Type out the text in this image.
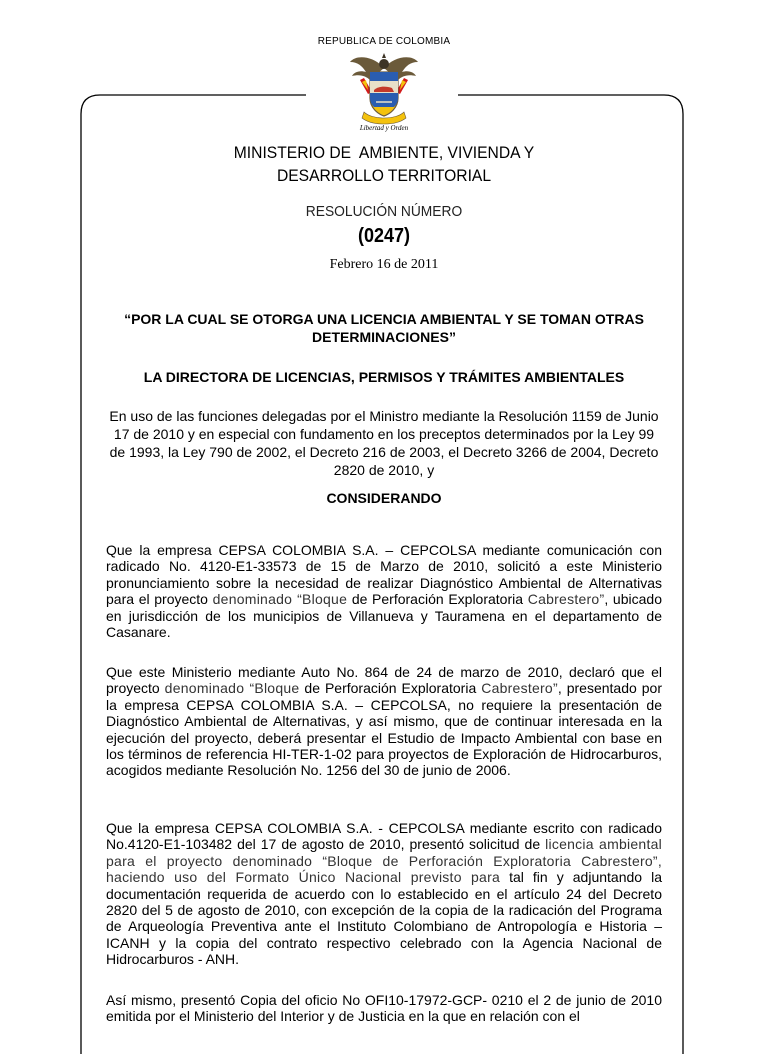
REPUBLICA DE COLOMBIA
Libertad y Orden
MINISTERIO DE  AMBIENTE, VIVIENDA Y
DESARROLLO TERRITORIAL
RESOLUCIÓN NÚMERO
(0247)
Febrero 16 de 2011
“POR LA CUAL SE OTORGA UNA LICENCIA AMBIENTAL Y SE TOMAN OTRAS DETERMINACIONES”
LA DIRECTORA DE LICENCIAS, PERMISOS Y TRÁMITES AMBIENTALES
En uso de las funciones delegadas por el Ministro mediante la Resolución 1159 de Junio 17 de 2010 y en especial con fundamento en los preceptos determinados por la Ley 99 de 1993, la Ley 790 de 2002, el Decreto 216 de 2003, el Decreto 3266 de 2004, Decreto 2820 de 2010, y
CONSIDERANDO

Que la empresa CEPSA COLOMBIA S.A. – CEPCOLSA mediante comunicación con radicado No. 4120-E1-33573 de 15 de Marzo de 2010, solicitó a este Ministerio pronunciamiento sobre la necesidad de realizar Diagnóstico Ambiental de Alternativas para el proyecto denominado “Bloque de Perforación Exploratoria Cabrestero”, ubicado en jurisdicción de los municipios de Villanueva y Tauramena en el departamento de Casanare.

Que este Ministerio mediante Auto No. 864 de 24 de marzo de 2010, declaró que el proyecto denominado “Bloque de Perforación Exploratoria Cabrestero”, presentado por la empresa CEPSA COLOMBIA S.A. – CEPCOLSA, no requiere la presentación de Diagnóstico Ambiental de Alternativas, y así mismo, que de continuar interesada en la ejecución del proyecto, deberá presentar el Estudio de Impacto Ambiental con base en los términos de referencia HI-TER-1-02 para proyectos de Exploración de Hidrocarburos, acogidos mediante Resolución No. 1256 del 30 de junio de 2006.

Que la empresa CEPSA COLOMBIA S.A. - CEPCOLSA mediante escrito con radicado No.4120-E1-103482 del 17 de agosto de 2010, presentó solicitud de licencia ambiental para el proyecto denominado “Bloque de Perforación Exploratoria Cabrestero”, haciendo uso del Formato Único Nacional previsto para tal fin y adjuntando la documentación requerida de acuerdo con lo establecido en el artículo 24 del Decreto 2820 del 5 de agosto de 2010, con excepción de la copia de la radicación del Programa de Arqueología Preventiva ante el Instituto Colombiano de Antropología e Historia – ICANH y la copia del contrato respectivo celebrado con la Agencia Nacional de Hidrocarburos - ANH.

Así mismo, presentó Copia del oficio No OFI10-17972-GCP- 0210 el 2 de junio de 2010 emitida por el Ministerio del Interior y de Justicia en la que en relación con el
